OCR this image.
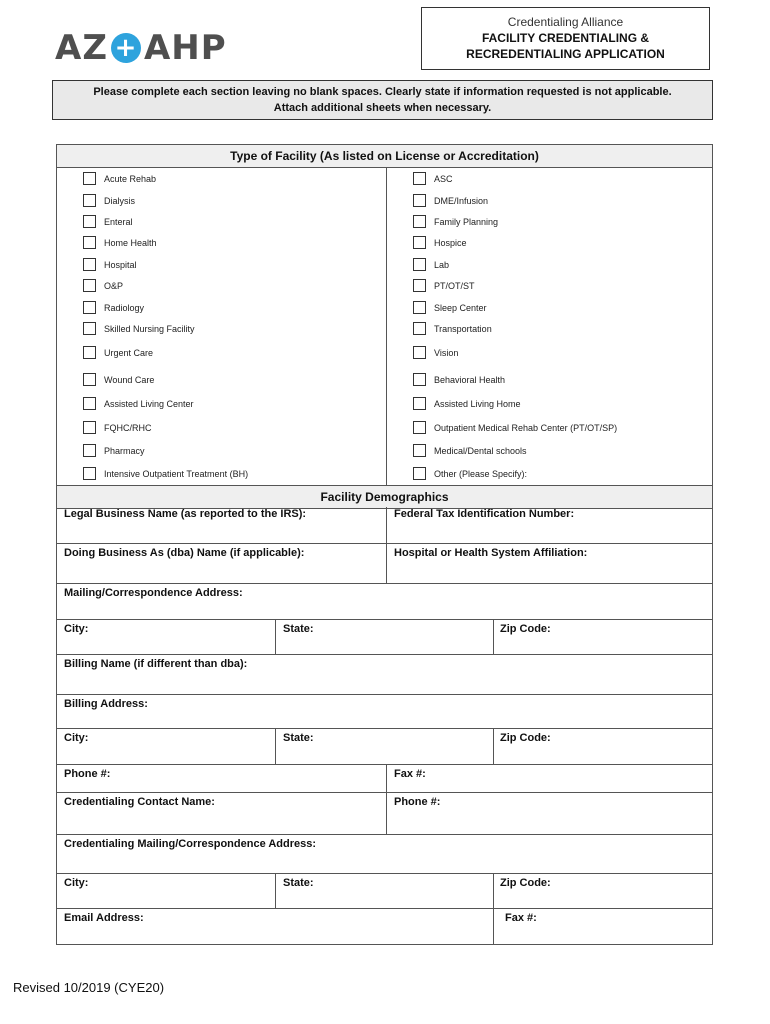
AZ + AHP
Credentialing Alliance
FACILITY CREDENTIALING &
RECREDENTIALING APPLICATION
Please complete each section leaving no blank spaces. Clearly state if information requested is not applicable.
Attach additional sheets when necessary.
Type of Facility (As listed on License or Accreditation)
Acute Rehab
Dialysis
Enteral
Home Health
Hospital
O&P
Radiology
Skilled Nursing Facility
Urgent Care
Wound Care
Assisted Living Center
FQHC/RHC
Pharmacy
Intensive Outpatient Treatment (BH)
ASC
DME/Infusion
Family Planning
Hospice
Lab
PT/OT/ST
Sleep Center
Transportation
Vision
Behavioral Health
Assisted Living Home
Outpatient Medical Rehab Center (PT/OT/SP)
Medical/Dental schools
Other (Please Specify):
Facility Demographics
Legal Business Name (as reported to the IRS):	Federal Tax Identification Number:
Doing Business As (dba) Name (if applicable):	Hospital or Health System Affiliation:
Mailing/Correspondence Address:
City:	State:	Zip Code:
Billing Name (if different than dba):
Billing Address:
City:	State:	Zip Code:
Phone #:	Fax #:
Credentialing Contact Name:	Phone #:
Credentialing Mailing/Correspondence Address:
City:	State:	Zip Code:
Email Address:	Fax #:
Revised 10/2019 (CYE20)
